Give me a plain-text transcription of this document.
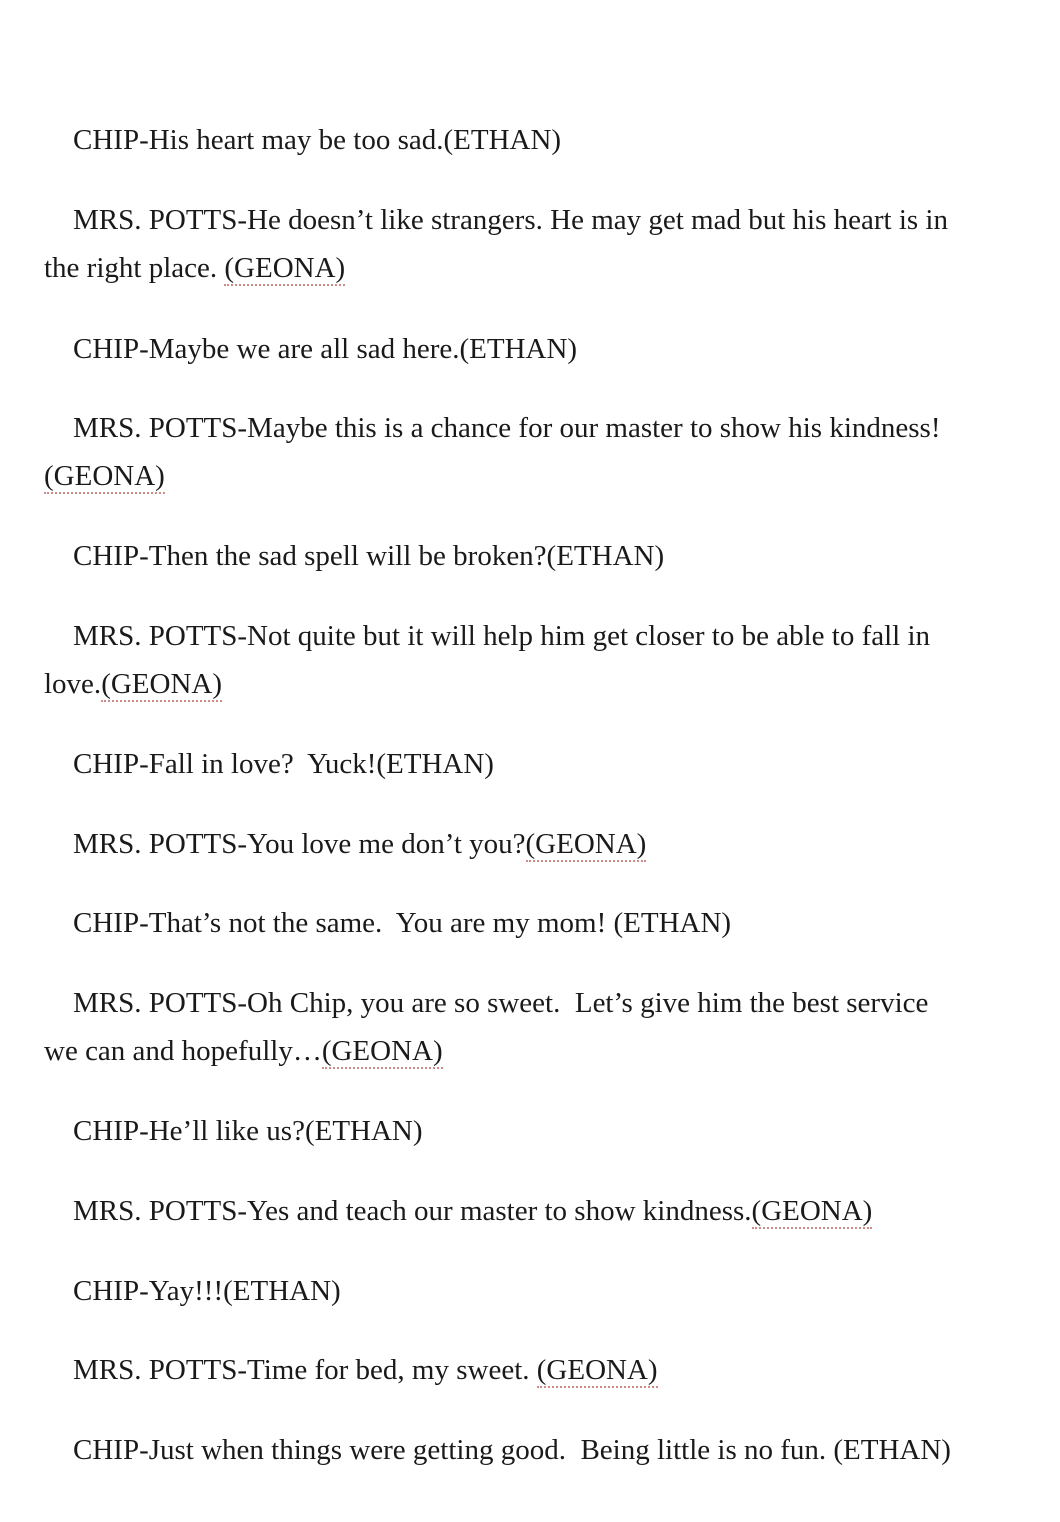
CHIP-His heart may be too sad.(ETHAN)

MRS. POTTS-He doesn’t like strangers. He may get mad but his heart is in
the right place. (GEONA)

CHIP-Maybe we are all sad here.(ETHAN)

MRS. POTTS-Maybe this is a chance for our master to show his kindness!
(GEONA)

CHIP-Then the sad spell will be broken?(ETHAN)

MRS. POTTS-Not quite but it will help him get closer to be able to fall in
love.(GEONA)

CHIP-Fall in love?  Yuck!(ETHAN)

MRS. POTTS-You love me don’t you?(GEONA)

CHIP-That’s not the same.  You are my mom! (ETHAN)

MRS. POTTS-Oh Chip, you are so sweet.  Let’s give him the best service
we can and hopefully…(GEONA)

CHIP-He’ll like us?(ETHAN)

MRS. POTTS-Yes and teach our master to show kindness.(GEONA)

CHIP-Yay!!!(ETHAN)

MRS. POTTS-Time for bed, my sweet. (GEONA)

CHIP-Just when things were getting good.  Being little is no fun. (ETHAN)
